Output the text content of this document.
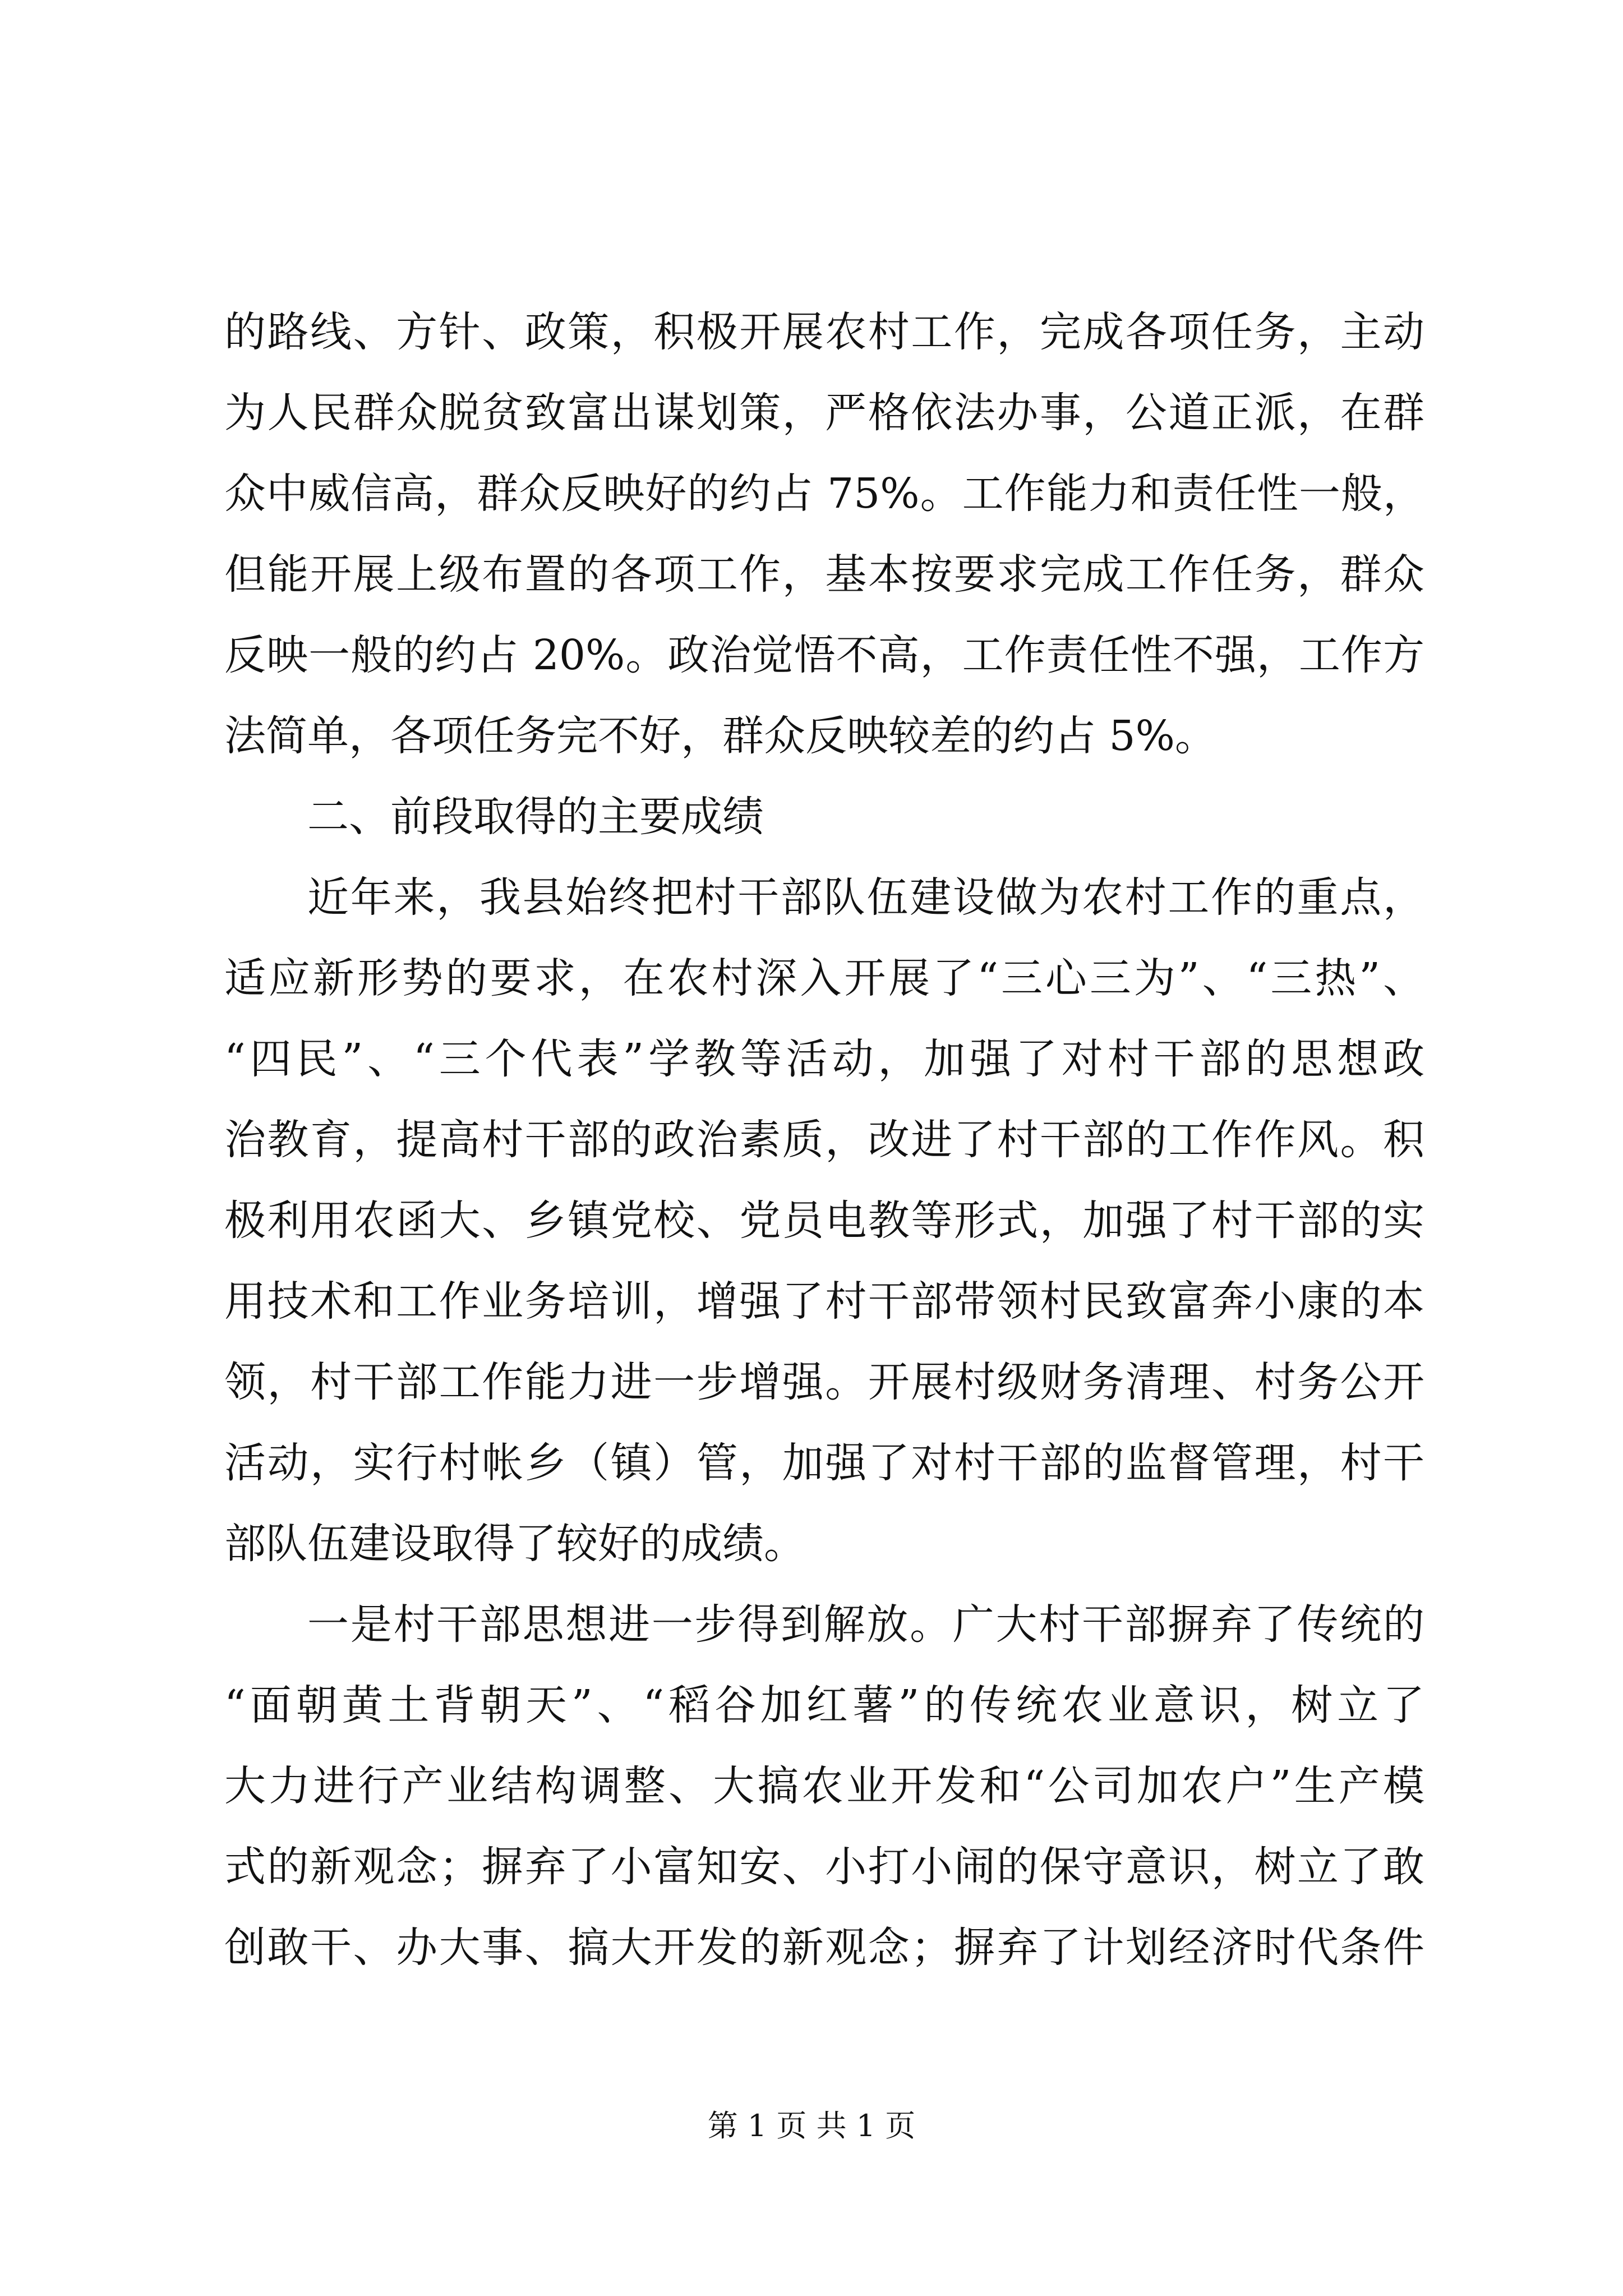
的路线、方针、政策，积极开展农村工作，完成各项任务，主动
为人民群众脱贫致富出谋划策，严格依法办事，公道正派，在群
众中威信高，群众反映好的约占 75%。工作能力和责任性一般，
但能开展上级布置的各项工作，基本按要求完成工作任务，群众
反映一般的约占 20%。政治觉悟不高，工作责任性不强，工作方
法简单，各项任务完不好，群众反映较差的约占 5%。
二、前段取得的主要成绩
近年来，我县始终把村干部队伍建设做为农村工作的重点，
适应新形势的要求，在农村深入开展了“三心三为”、“三热”、
“四民”、“三个代表”学教等活动，加强了对村干部的思想政
治教育，提高村干部的政治素质，改进了村干部的工作作风。积
极利用农函大、乡镇党校、党员电教等形式，加强了村干部的实
用技术和工作业务培训，增强了村干部带领村民致富奔小康的本
领，村干部工作能力进一步增强。开展村级财务清理、村务公开
活动，实行村帐乡（镇）管，加强了对村干部的监督管理，村干
部队伍建设取得了较好的成绩。
一是村干部思想进一步得到解放。广大村干部摒弃了传统的
“面朝黄土背朝天”、“稻谷加红薯”的传统农业意识，树立了
大力进行产业结构调整、大搞农业开发和“公司加农户”生产模
式的新观念；摒弃了小富知安、小打小闹的保守意识，树立了敢
创敢干、办大事、搞大开发的新观念；摒弃了计划经济时代条件
第 1 页 共 1 页
